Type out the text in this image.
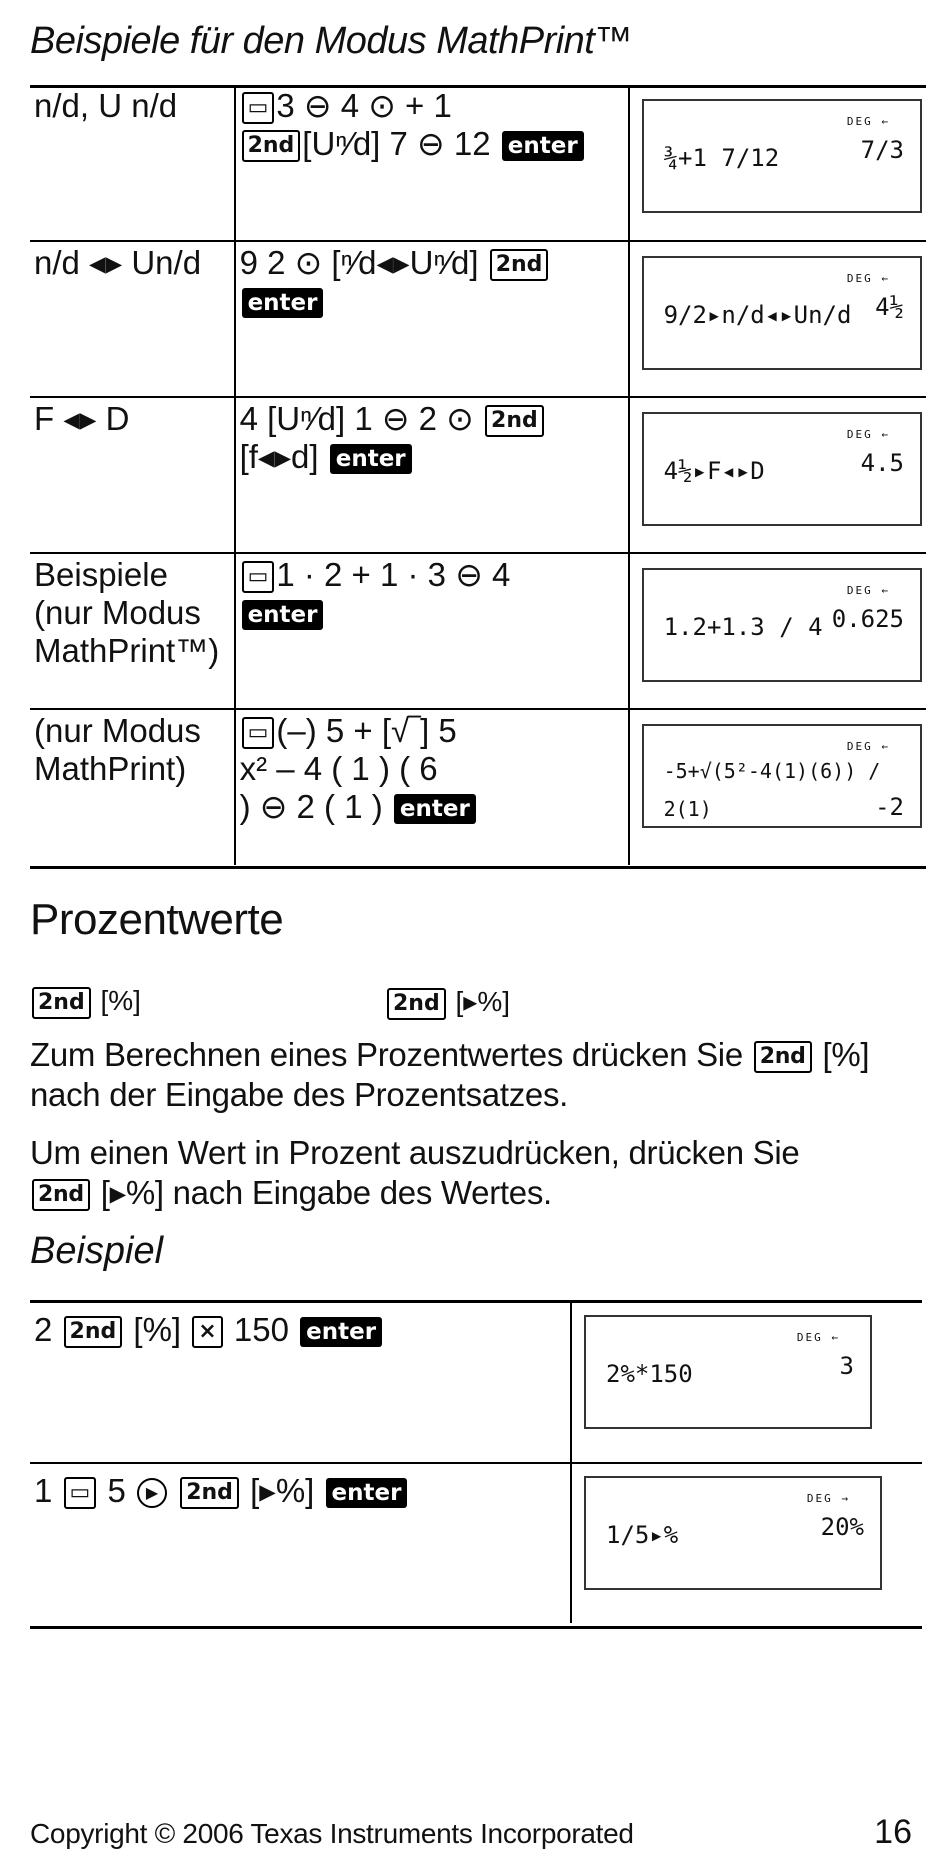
Beispiele für den Modus MathPrint™
n/d, U n/d	▭ 3 ⊖ 4 ⊙ + 1
2nd [Uⁿ⁄d] 7 ⊖ 12 enter	DEG ←
¾+1 7/12 7/3

n/d ◂▸ Un/d	9 2 ⊙ [ⁿ⁄d◂▸Uⁿ⁄d] 2nd
enter	DEG ←
9/2▸n/d◂▸Un/d 4½

F ◂▸ D	4 [Uⁿ⁄d] 1 ⊖ 2 ⊙ 2nd
[f◂▸d] enter	DEG ←
4½▸F◂▸D 4.5

Beispiele (nur Modus MathPrint™)	▭ 1 · 2 + 1 · 3 ⊖ 4
enter	DEG ←
1.2+1.3 / 4 0.625

(nur Modus MathPrint)	▭ (–) 5 + [√‾] 5
x² – 4 ( 1 ) ( 6
) ⊖ 2 ( 1 ) enter	DEG ←
-5+√(5²-4(1)(6)) / 2(1) -2
Prozentwerte
2nd [%]	2nd [▸%]

Zum Berechnen eines Prozentwertes drücken Sie 2nd [%]
nach der Eingabe des Prozentsatzes.

Um einen Wert in Prozent auszudrücken, drücken Sie
2nd [▸%] nach Eingabe des Wertes.

Beispiel
2 2nd [%] × 150 enter	DEG ←
2%*150 3

1 ▭ 5 ▶ 2nd [▸%] enter	DEG →
1/5▸% 20%
Copyright © 2006 Texas Instruments Incorporated	16
